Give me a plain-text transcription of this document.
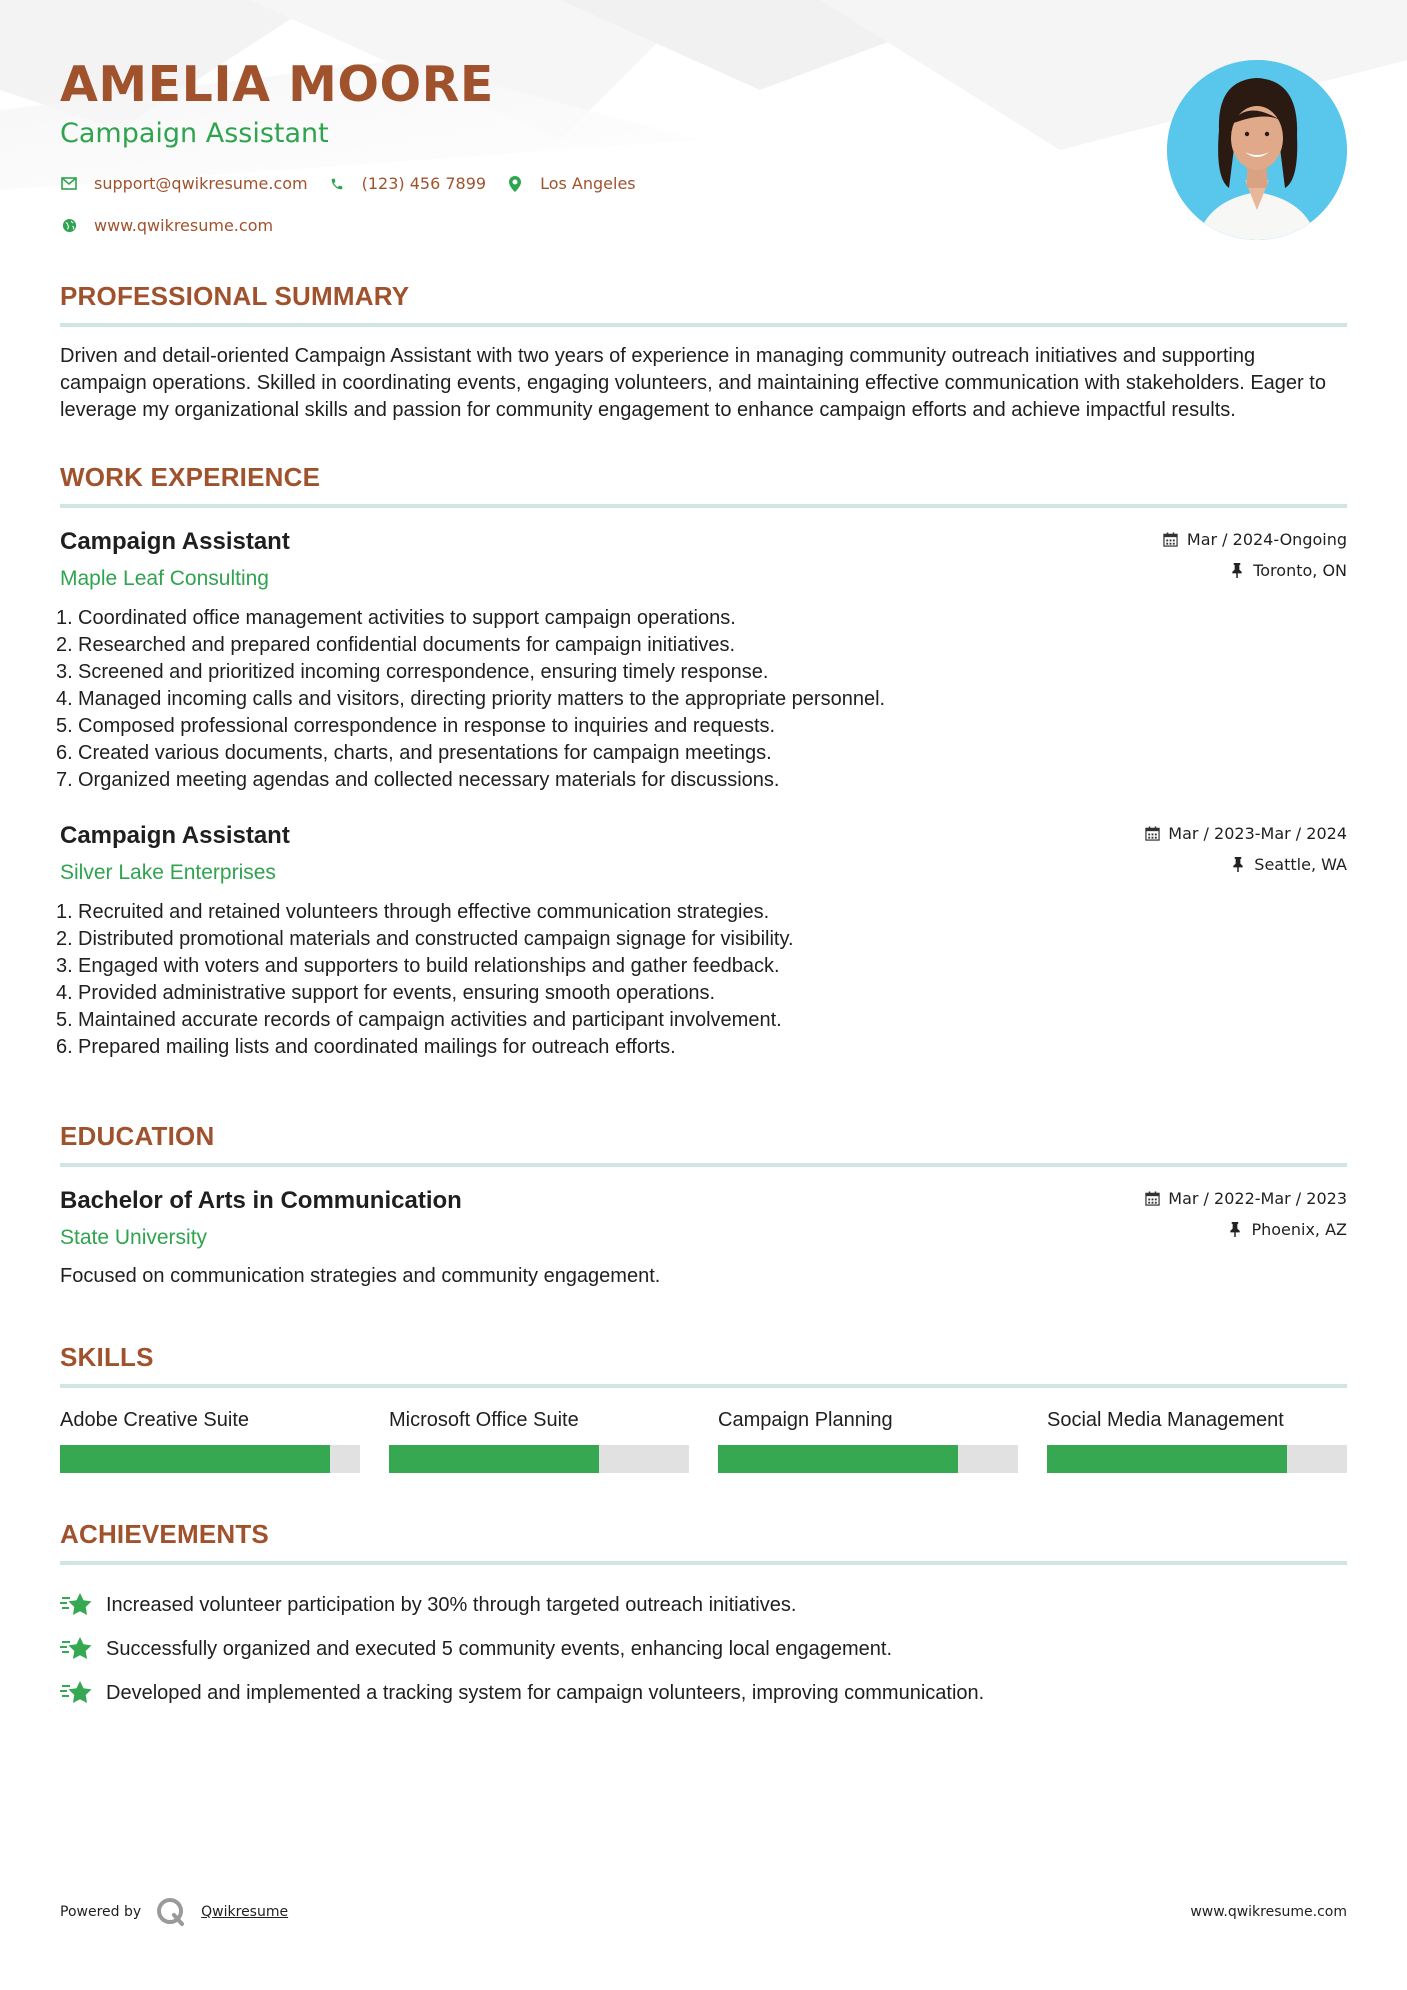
AMELIA MOORE
Campaign Assistant
support@qwikresume.com	(123) 456 7899	Los Angeles
www.qwikresume.com
PROFESSIONAL SUMMARY

Driven and detail-oriented Campaign Assistant with two years of experience in managing community outreach initiatives and supporting campaign operations. Skilled in coordinating events, engaging volunteers, and maintaining effective communication with stakeholders. Eager to leverage my organizational skills and passion for community engagement to enhance campaign efforts and achieve impactful results.

WORK EXPERIENCE
Campaign Assistant
Maple Leaf Consulting
Mar / 2024-Ongoing
Toronto, ON
1. Coordinated office management activities to support campaign operations.
2. Researched and prepared confidential documents for campaign initiatives.
3. Screened and prioritized incoming correspondence, ensuring timely response.
4. Managed incoming calls and visitors, directing priority matters to the appropriate personnel.
5. Composed professional correspondence in response to inquiries and requests.
6. Created various documents, charts, and presentations for campaign meetings.
7. Organized meeting agendas and collected necessary materials for discussions.
Campaign Assistant
Silver Lake Enterprises
Mar / 2023-Mar / 2024
Seattle, WA
1. Recruited and retained volunteers through effective communication strategies.
2. Distributed promotional materials and constructed campaign signage for visibility.
3. Engaged with voters and supporters to build relationships and gather feedback.
4. Provided administrative support for events, ensuring smooth operations.
5. Maintained accurate records of campaign activities and participant involvement.
6. Prepared mailing lists and coordinated mailings for outreach efforts.
EDUCATION
Bachelor of Arts in Communication
State University
Mar / 2022-Mar / 2023
Phoenix, AZ
Focused on communication strategies and community engagement.
SKILLS
Adobe Creative Suite	Microsoft Office Suite	Campaign Planning	Social Media Management
ACHIEVEMENTS
Increased volunteer participation by 30% through targeted outreach initiatives.
Successfully organized and executed 5 community events, enhancing local engagement.
Developed and implemented a tracking system for campaign volunteers, improving communication.
Powered by	Qwikresume	www.qwikresume.com
